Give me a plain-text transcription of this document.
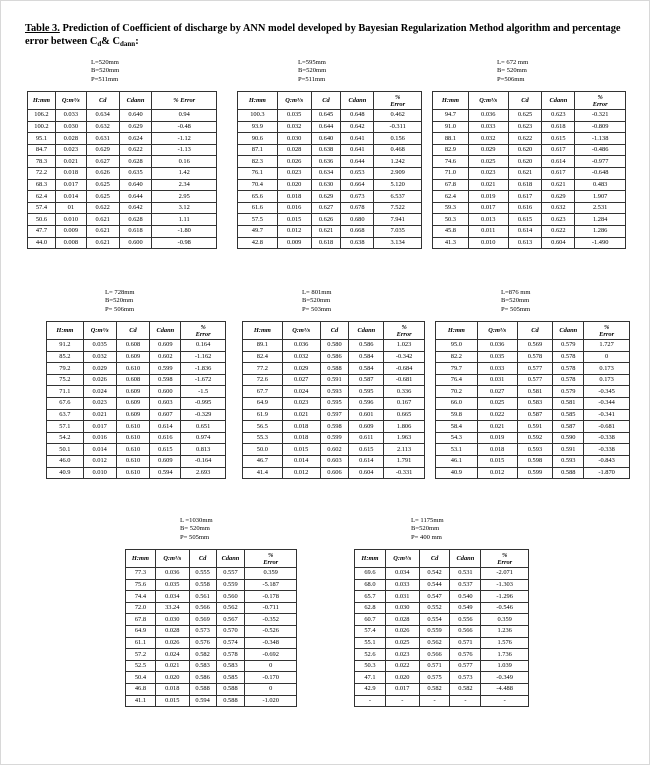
Table 3. Prediction of Coefficient of discharge by ANN model developed by Bayesian Regularization Method algorithm and percentage error between $C_d\&$ $C_{dann}$:
L=520mm
B=520mm
P=511mm
H:mm	Q:m³/s	Cd	Cdann	% Error

106.2	0.033	0.634	0.640	0.94
100.2	0.030	0.632	0.629	-0.48
95.1	0.028	0.631	0.624	-1.12
84.7	0.023	0.629	0.622	-1.13
78.3	0.021	0.627	0.628	0.16
72.2	0.018	0.626	0.635	1.42
68.3	0.017	0.625	0.640	2.34
62.4	0.014	0.625	0.644	2.95
57.4	01	0.622	0.642	3.12
50.6	0.010	0.621	0.628	1.11
47.7	0.009	0.621	0.618	-1.80
44.0	0.008	0.621	0.600	-0.98
L=595mm
B=520mm
P=511mm
H:mm	Q:m³/s	Cd	Cdann	%
Error

100.3	0.035	0.645	0.648	0.462
93.9	0.032	0.644	0.642	-0.311
90.6	0.030	0.640	0.641	0.156
87.1	0.028	0.638	0.641	0.468
82.3	0.026	0.636	0.644	1.242
76.1	0.023	0.634	0.653	2.909
70.4	0.020	0.630	0.664	5.120
65.6	0.018	0.629	0.673	6.537
61.6	0.016	0.627	0.678	7.522
57.5	0.015	0.626	0.680	7.941
49.7	0.012	0.621	0.668	7.035
42.8	0.009	0.618	0.638	3.134
L= 672 mm
B= 520mm
P=506mm
H:mm	Q:m³/s	Cd	Cdann	%
Error

94.7	0.036	0.625	0.623	-0.321
91.0	0.033	0.623	0.618	-0.809
88.1	0.032	0.622	0.615	-1.138
82.9	0.029	0.620	0.617	-0.486
74.6	0.025	0.620	0.614	-0.977
71.0	0.023	0.621	0.617	-0.648
67.8	0.021	0.618	0.621	0.483
62.4	0.019	0.617	0.629	1.907
59.3	0.017	0.616	0.632	2.531
50.3	0.013	0.615	0.623	1.284
45.8	0.011	0.614	0.622	1.286
41.3	0.010	0.613	0.604	-1.490
L= 728mm
B=520mm
P= 506mm
H:mm	Q:m³/s	Cd	Cdann	%
Error

91.2	0.035	0.608	0.609	0.164
85.2	0.032	0.609	0.602	-1.162
79.2	0.029	0.610	0.599	-1.836
75.2	0.026	0.608	0.598	-1.672
71.1	0.024	0.609	0.600	-1.5
67.6	0.023	0.609	0.603	-0.995
63.7	0.021	0.609	0.607	-0.329
57.1	0.017	0.610	0.614	0.651
54.2	0.016	0.610	0.616	0.974
50.1	0.014	0.610	0.615	0.813
46.0	0.012	0.610	0.609	-0.164
40.9	0.010	0.610	0.594	2.693
L= 801mm
B=520mm
P= 503mm
H:mm	Q:m³/s	Cd	Cdann	%
Error

89.1	0.036	0.580	0.586	1.023
82.4	0.032	0.586	0.584	-0.342
77.2	0.029	0.588	0.584	-0.684
72.6	0.027	0.591	0.587	-0.681
67.7	0.024	0.593	0.595	0.336
64.9	0.023	0.595	0.596	0.167
61.9	0.021	0.597	0.601	0.665
56.5	0.018	0.598	0.609	1.806
55.3	0.018	0.599	0.611	1.963
50.0	0.015	0.602	0.615	2.113
46.7	0.014	0.603	0.614	1.791
41.4	0.012	0.606	0.604	-0.331
L=876 mm
B=520mm
P= 505mm
H:mm	Q:m³/s	Cd	Cdann	%
Error

95.0	0.036	0.569	0.579	1.727
82.2	0.035	0.578	0.578	0
79.7	0.033	0.577	0.578	0.173
76.4	0.031	0.577	0.578	0.173
70.2	0.027	0.581	0.579	-0.345
66.0	0.025	0.583	0.581	-0.344
59.8	0.022	0.587	0.585	-0.341
58.4	0.021	0.591	0.587	-0.681
54.3	0.019	0.592	0.590	-0.338
53.1	0.018	0.593	0.591	-0.338
46.1	0.015	0.598	0.593	-0.843
40.9	0.012	0.599	0.588	-1.870
L =1030mm
B= 520mm
P= 505mm
H:mm	Q:m³/s	Cd	Cdann	%
Error

77.3	0.036	0.555	0.557	0.359
75.6	0.035	0.558	0.559	-5.187
74.4	0.034	0.561	0.560	-0.178
72.0	33.24	0.566	0.562	-0.711
67.8	0.030	0.569	0.567	-0.352
64.9	0.028	0.573	0.570	-0.526
61.1	0.026	0.576	0.574	-0.348
57.2	0.024	0.582	0.578	-0.692
52.5	0.021	0.583	0.583	0
50.4	0.020	0.586	0.585	-0.170
46.8	0.018	0.588	0.588	0
41.1	0.015	0.594	0.588	-1.020
L= 1175mm
B=520mm
P= 400 mm
H:mm	Q:m³/s	Cd	Cdann	%
Error

69.6	0.034	0.542	0.531	-2.071
68.0	0.033	0.544	0.537	-1.303
65.7	0.031	0.547	0.540	-1.296
62.8	0.030	0.552	0.549	-0.546
60.7	0.028	0.554	0.556	0.359
57.4	0.026	0.559	0.566	1.236
55.1	0.025	0.562	0.571	1.576
52.6	0.023	0.566	0.576	1.736
50.3	0.022	0.571	0.577	1.039
47.1	0.020	0.575	0.573	-0.349
42.9	0.017	0.582	0.582	-4.488
-	-	-	-	-
